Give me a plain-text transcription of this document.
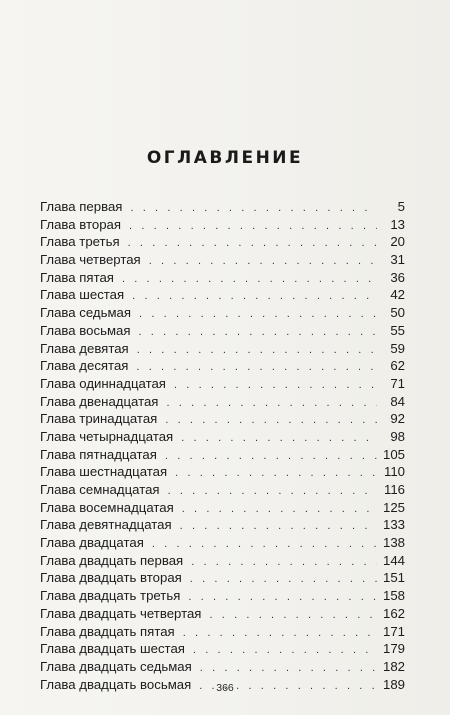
ОГЛАВЛЕНИЕ
Глава первая . . .	5
Глава вторая . . .	13
Глава третья . . .	20
Глава четвертая . . .	31
Глава пятая . . .	36
Глава шестая . . .	42
Глава седьмая . . .	50
Глава восьмая . . .	55
Глава девятая . . .	59
Глава десятая . . .	62
Глава одиннадцатая . . .	71
Глава двенадцатая . . .	84
Глава тринадцатая . . .	92
Глава четырнадцатая . . .	98
Глава пятнадцатая . . .	105
Глава шестнадцатая . . .	110
Глава семнадцатая . . .	116
Глава восемнадцатая . . .	125
Глава девятнадцатая . . .	133
Глава двадцатая . . .	138
Глава двадцать первая . . .	144
Глава двадцать вторая . . .	151
Глава двадцать третья . . .	158
Глава двадцать четвертая . . .	162
Глава двадцать пятая . . .	171
Глава двадцать шестая . . .	179
Глава двадцать седьмая . . .	182
Глава двадцать восьмая . . .	189
366
